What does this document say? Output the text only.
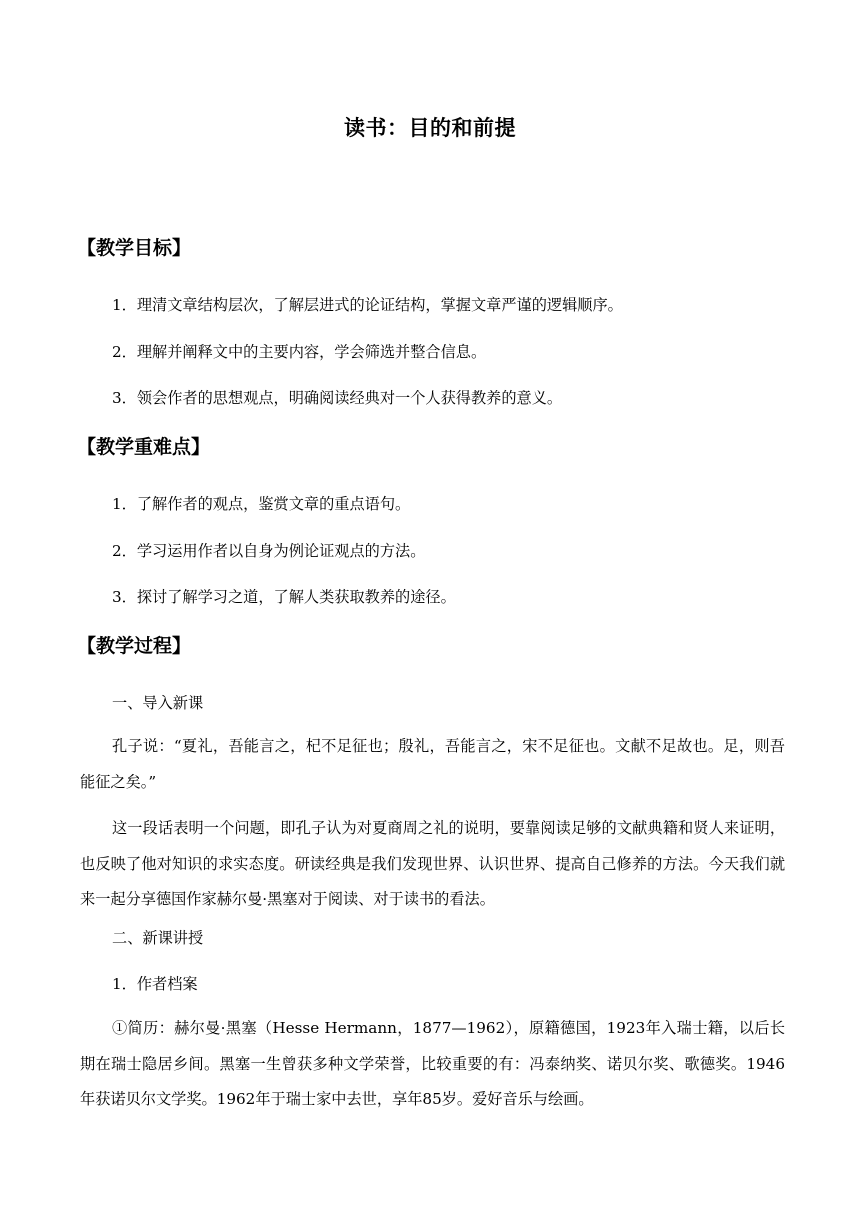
读书：目的和前提
【教学目标】
1．理清文章结构层次，了解层进式的论证结构，掌握文章严谨的逻辑顺序。
2．理解并阐释文中的主要内容，学会筛选并整合信息。
3．领会作者的思想观点，明确阅读经典对一个人获得教养的意义。
【教学重难点】
1．了解作者的观点，鉴赏文章的重点语句。
2．学习运用作者以自身为例论证观点的方法。
3．探讨了解学习之道，了解人类获取教养的途径。
【教学过程】
一、导入新课
孔子说：“夏礼，吾能言之，杞不足征也；殷礼，吾能言之，宋不足征也。文献不足故也。足，则吾能征之矣。”
这一段话表明一个问题，即孔子认为对夏商周之礼的说明，要靠阅读足够的文献典籍和贤人来证明，也反映了他对知识的求实态度。研读经典是我们发现世界、认识世界、提高自己修养的方法。今天我们就来一起分享德国作家赫尔曼·黑塞对于阅读、对于读书的看法。
二、新课讲授
1．作者档案
①简历：赫尔曼·黑塞（Hesse Hermann，1877—1962），原籍德国，1923年入瑞士籍，以后长期在瑞士隐居乡间。黑塞一生曾获多种文学荣誉，比较重要的有：冯泰纳奖、诺贝尔奖、歌德奖。1946年获诺贝尔文学奖。1962年于瑞士家中去世，享年85岁。爱好音乐与绘画。
